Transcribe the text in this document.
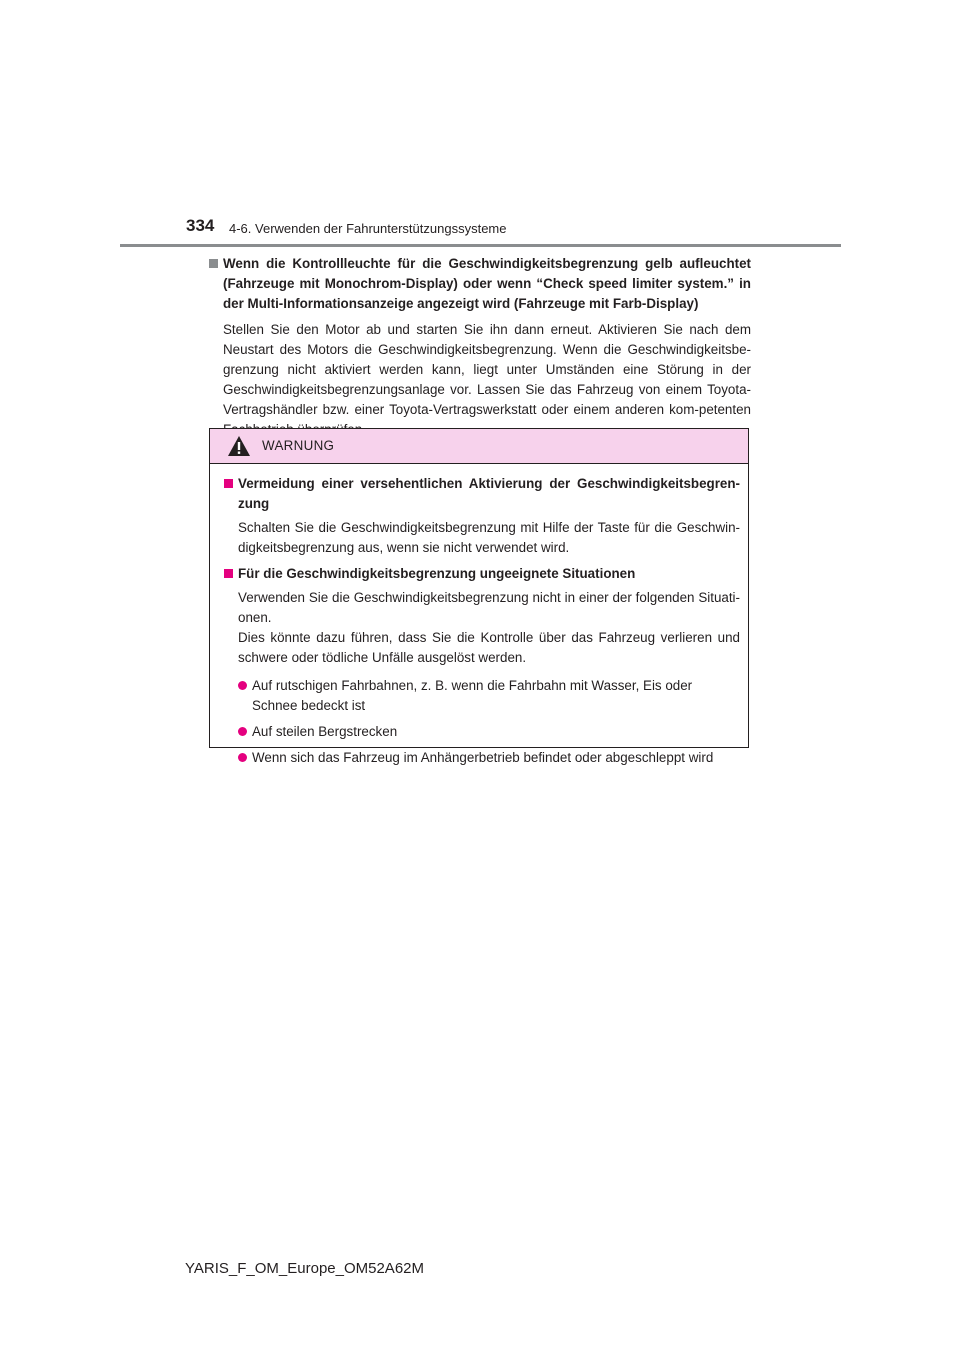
334 4-6. Verwenden der Fahrunterstützungssysteme
Wenn die Kontrollleuchte für die Geschwindigkeitsbegrenzung gelb aufleuchtet (Fahrzeuge mit Monochrom-Display) oder wenn “Check speed limiter system.” in der Multi-Informationsanzeige angezeigt wird (Fahrzeuge mit Farb-Display)
Stellen Sie den Motor ab und starten Sie ihn dann erneut. Aktivieren Sie nach dem Neustart des Motors die Geschwindigkeitsbegrenzung. Wenn die Geschwindigkeitsbe-grenzung nicht aktiviert werden kann, liegt unter Umständen eine Störung in der Geschwindigkeitsbegrenzungsanlage vor. Lassen Sie das Fahrzeug von einem Toyota-Vertragshändler bzw. einer Toyota-Vertragswerkstatt oder einem anderen kom-petenten
WARNUNG
Vermeidung einer versehentlichen Aktivierung der Geschwindigkeitsbegren-zung
Schalten Sie die Geschwindigkeitsbegrenzung mit Hilfe der Taste für die Geschwin-digkeitsbegrenzung aus, wenn sie nicht verwendet wird.
Für die Geschwindigkeitsbegrenzung ungeeignete Situationen
Verwenden Sie die Geschwindigkeitsbegrenzung nicht in einer der folgenden Situati-onen.
Dies könnte dazu führen, dass Sie die Kontrolle über das Fahrzeug verlieren und schwere oder tödliche Unfälle ausgelöst werden.
Auf rutschigen Fahrbahnen, z. B. wenn die Fahrbahn mit Wasser, Eis oder Schnee bedeckt ist
Auf steilen Bergstrecken
Wenn sich das Fahrzeug im Anhängerbetrieb befindet oder abgeschleppt wird
YARIS_F_OM_Europe_OM52A62M
